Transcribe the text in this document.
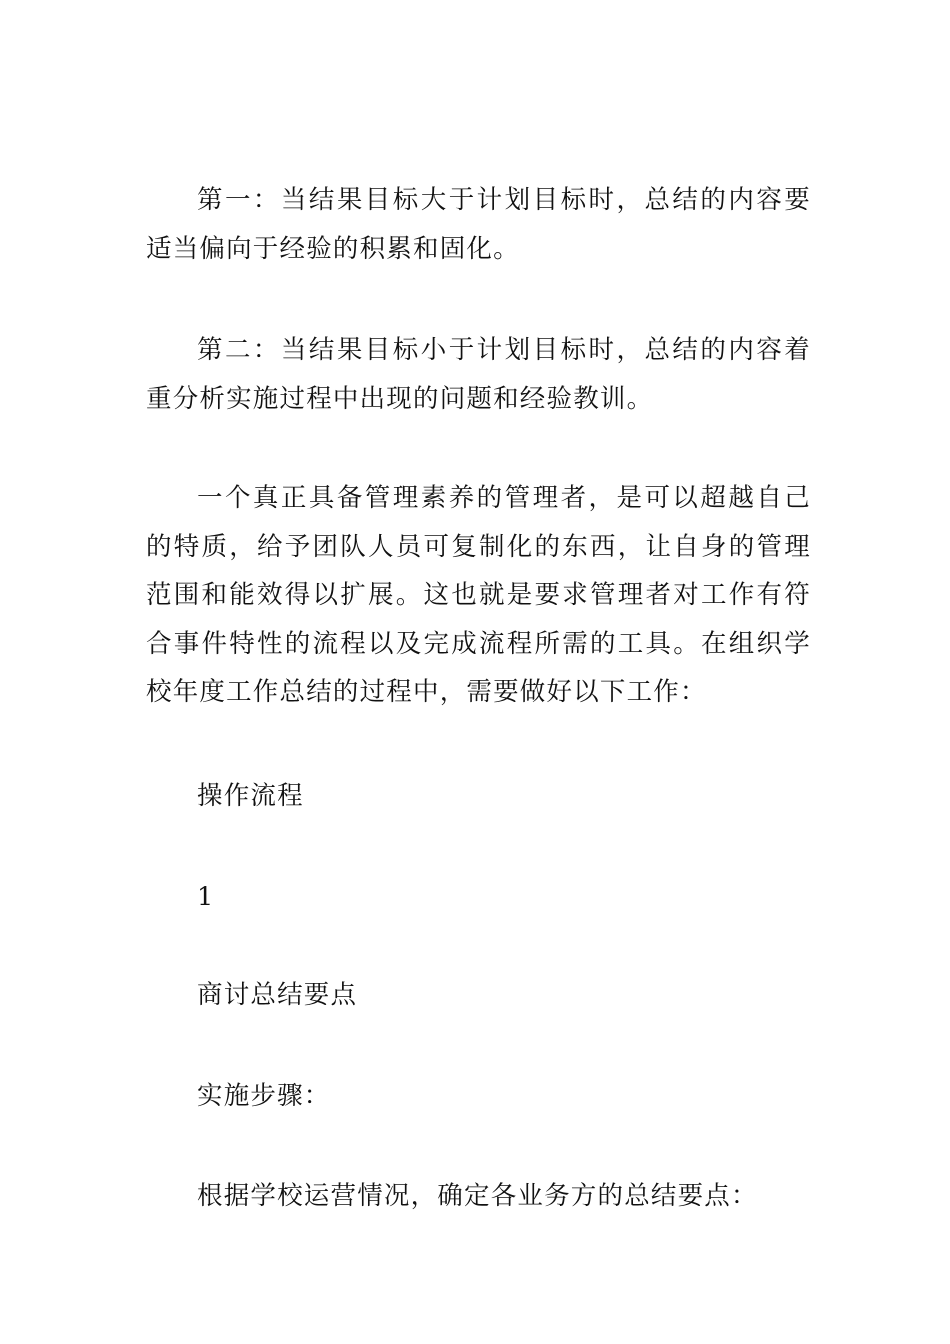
第一：当结果目标大于计划目标时，总结的内容要适当偏向于经验的积累和固化。

第二：当结果目标小于计划目标时，总结的内容着重分析实施过程中出现的问题和经验教训。

一个真正具备管理素养的管理者，是可以超越自己的特质，给予团队人员可复制化的东西，让自身的管理范围和能效得以扩展。这也就是要求管理者对工作有符合事件特性的流程以及完成流程所需的工具。在组织学校年度工作总结的过程中，需要做好以下工作：

操作流程

1

商讨总结要点

实施步骤：

根据学校运营情况，确定各业务方的总结要点：
